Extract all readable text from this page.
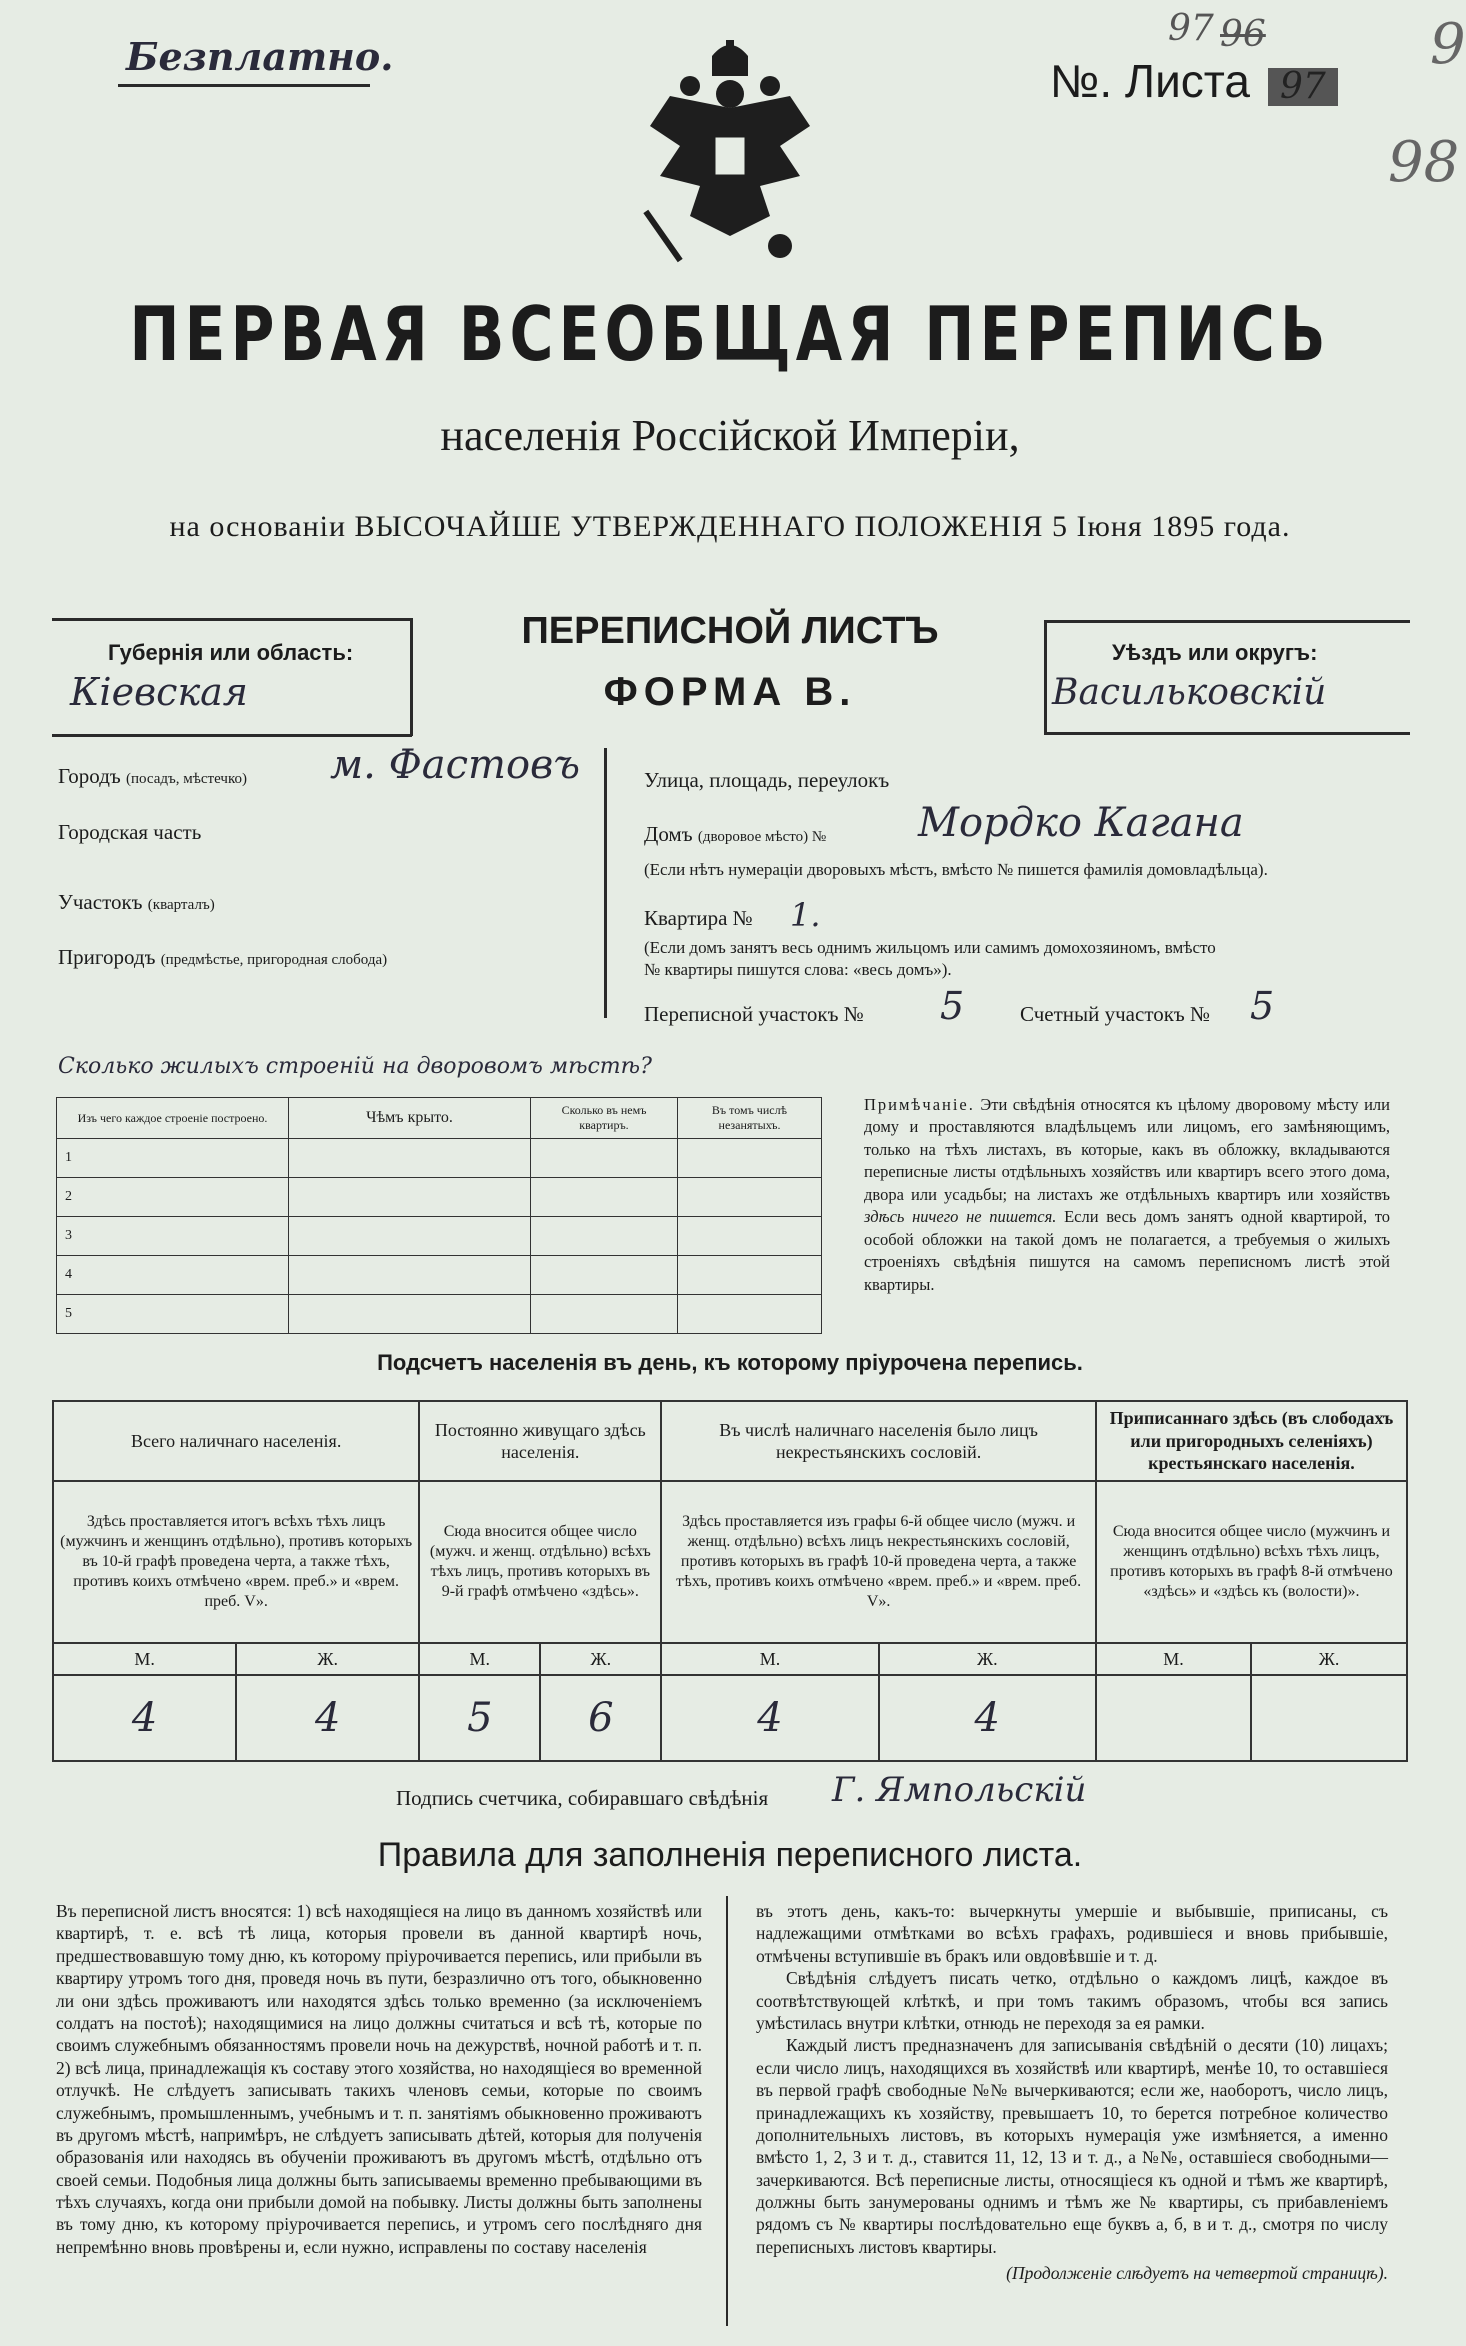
Безплатно.	№. Листа 97
97 96
98
9
ПЕРВАЯ ВСЕОБЩАЯ ПЕРЕПИСЬ
населенія Россійской Имперіи,
на основаніи ВЫСОЧАЙШЕ УТВЕРЖДЕННАГО ПОЛОЖЕНІЯ 5 Іюня 1895 года.
Губернія или область:
Кіевская
ПЕРЕПИСНОЙ ЛИСТЪ
ФОРМА В.
Уѣздъ или округъ:
Васильковскій
Городъ (посадъ, мѣстечко) м. Фастовъ
Городская часть
Участокъ (кварталъ)
Пригородъ (предмѣстье, пригородная слобода)
Улица, площадь, переулокъ
Домъ (дворовое мѣсто) № Мордко Кагана
(Если нѣтъ нумераціи дворовыхъ мѣстъ, вмѣсто № пишется фамилія домовладѣльца).
Квартира № 1.
(Если домъ занятъ весь однимъ жильцомъ или самимъ домохозяиномъ, вмѣсто
№ квартиры пишутся слова: «весь домъ»).
Переписной участокъ № 5	Счетный участокъ № 5
Сколько жилыхъ строеній на дворовомъ мѣстѣ?
Изъ чего каждое строеніе построено.	Чѣмъ крыто.	Сколько въ немъ квартиръ.	Въ томъ числѣ незанятыхъ.
1			
2			
3			
4			
5			
Примѣчаніе. Эти свѣдѣнія относятся къ цѣлому дворовому мѣсту или дому и проставляются владѣльцемъ или лицомъ, его замѣняющимъ, только на тѣхъ листахъ, въ которые, какъ въ обложку, вкладываются переписные листы отдѣльныхъ хозяйствъ или квартиръ всего этого дома, двора или усадьбы; на листахъ же отдѣльныхъ квартиръ или хозяйствъ здѣсь ничего не пишется. Если весь домъ занятъ одной квартирой, то особой обложки на такой домъ не полагается, а требуемыя о жилыхъ строеніяхъ свѣдѣнія пишутся на самомъ переписномъ листѣ этой квартиры.
Подсчетъ населенія въ день, къ которому пріурочена перепись.
Всего наличнаго населенія.		Постоянно живущаго здѣсь населенія.		Въ числѣ наличнаго населенія было лицъ некрестьянскихъ сословій.		Приписаннаго здѣсь (въ слободахъ или пригородныхъ селеніяхъ) крестьянскаго населенія.	
Здѣсь проставляется итогъ всѣхъ тѣхъ лицъ (мужчинъ и женщинъ отдѣльно), противъ которыхъ въ 10-й графѣ проведена черта, а также тѣхъ, противъ коихъ отмѣчено «врем. преб.» и «врем. преб. V».		Сюда вносится общее число (мужч. и женщ. отдѣльно) всѣхъ тѣхъ лицъ, противъ которыхъ въ 9-й графѣ отмѣчено «здѣсь».		Здѣсь проставляется изъ графы 6-й общее число (мужч. и женщ. отдѣльно) всѣхъ лицъ некрестьянскихъ сословій, противъ которыхъ въ графѣ 10-й проведена черта, а также тѣхъ, противъ коихъ отмѣчено «врем. преб.» и «врем. преб. V».		Сюда вносится общее число (мужчинъ и женщинъ отдѣльно) всѣхъ тѣхъ лицъ, противъ которыхъ въ графѣ 8-й отмѣчено «здѣсь» и «здѣсь къ (волости)».	
М.	Ж.	М.	Ж.	М.	Ж.	М.	Ж.
4	4	5	6	4	4		
Подпись счетчика, собиравшаго свѣдѣнія Г. Ямпольскій
Правила для заполненія переписного листа.
Въ переписной листъ вносятся: 1) всѣ находящіеся на лицо въ данномъ хозяйствѣ или квартирѣ, т. е. всѣ тѣ лица, которыя провели въ данной квартирѣ ночь, предшествовавшую тому дню, къ которому пріурочивается перепись, или прибыли въ квартиру утромъ того дня, проведя ночь въ пути, безразлично отъ того, обыкновенно ли они здѣсь проживаютъ или находятся здѣсь только временно (за исключеніемъ солдатъ на постоѣ); находящимися на лицо должны считаться и всѣ тѣ, которые по своимъ служебнымъ обязанностямъ провели ночь на дежурствѣ, ночной работѣ и т. п. 2) всѣ лица, принадлежащія къ составу этого хозяйства, но находящіеся во временной отлучкѣ. Не слѣдуетъ записывать такихъ членовъ семьи, которые по своимъ служебнымъ, промышленнымъ, учебнымъ и т. п. занятіямъ обыкновенно проживаютъ въ другомъ мѣстѣ, напримѣръ, не слѣдуетъ записывать дѣтей, которыя для полученія образованія или находясь въ обученіи проживаютъ въ другомъ мѣстѣ, отдѣльно отъ своей семьи. Подобныя лица должны быть записываемы временно пребывающими въ тѣхъ случаяхъ, когда они прибыли домой на побывку. Листы должны быть заполнены въ тому дню, къ которому пріурочивается перепись, и утромъ сего послѣдняго дня непремѣнно вновь провѣрены и, если нужно, исправлены по составу населенія
въ этотъ день, какъ-то: вычеркнуты умершіе и выбывшіе, приписаны, съ надлежащими отмѣтками во всѣхъ графахъ, родившіеся и вновь прибывшіе, отмѣчены вступившіе въ бракъ или овдовѣвшіе и т. д.
Свѣдѣнія слѣдуетъ писать четко, отдѣльно о каждомъ лицѣ, каждое въ соотвѣтствующей клѣткѣ, и при томъ такимъ образомъ, чтобы вся запись умѣстилась внутри клѣтки, отнюдь не переходя за ея рамки.
Каждый листъ предназначенъ для записыванія свѣдѣній о десяти (10) лицахъ; если число лицъ, находящихся въ хозяйствѣ или квартирѣ, менѣе 10, то оставшіеся въ первой графѣ свободные №№ вычеркиваются; если же, наоборотъ, число лицъ, принадлежащихъ къ хозяйству, превышаетъ 10, то берется потребное количество дополнительныхъ листовъ, въ которыхъ нумерація уже измѣняется, а именно вмѣсто 1, 2, 3 и т. д., ставится 11, 12, 13 и т. д., а №№, оставшіеся свободными—зачеркиваются. Всѣ переписные листы, относящіеся къ одной и тѣмъ же квартирѣ, должны быть занумерованы однимъ и тѣмъ же № квартиры, съ прибавленіемъ рядомъ съ № квартиры послѣдовательно еще буквъ а, б, в и т. д., смотря по числу переписныхъ листовъ квартиры.
(Продолженіе слѣдуетъ на четвертой страницѣ).
